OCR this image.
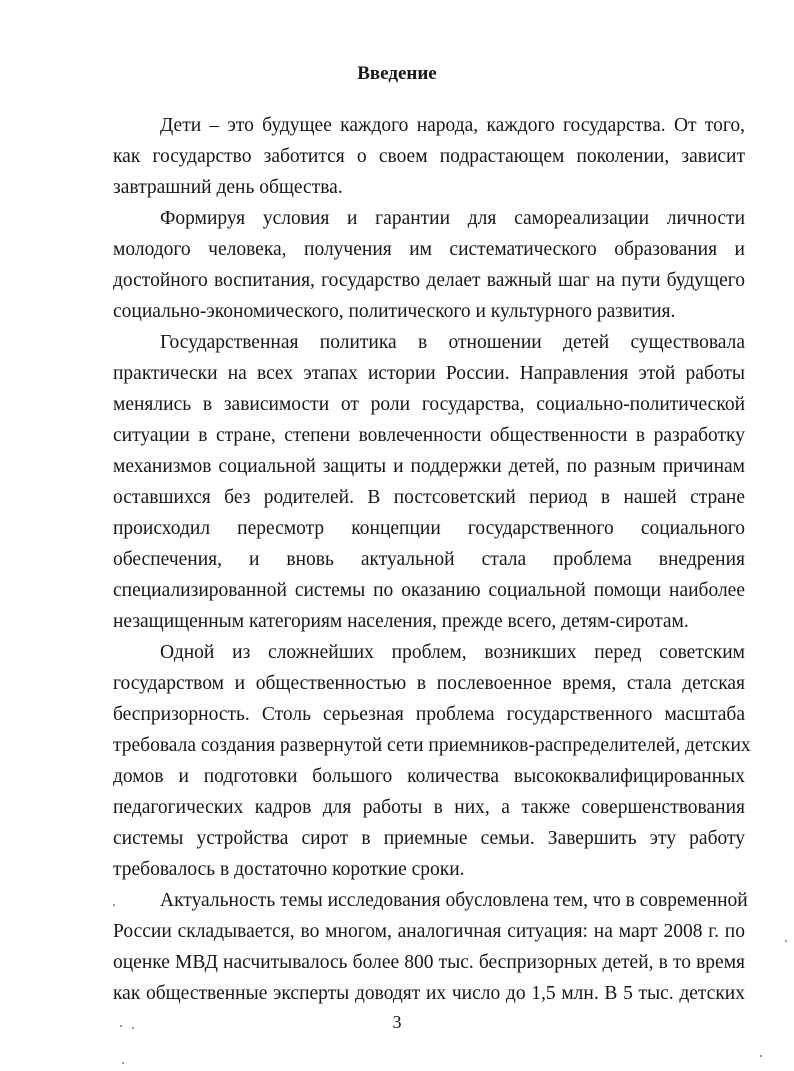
Введение
Дети – это будущее каждого народа, каждого государства. От того,
как государство заботится о своем подрастающем поколении, зависит
завтрашний день общества.
Формируя условия и гарантии для самореализации личности
молодого человека, получения им систематического образования и
достойного воспитания, государство делает важный шаг на пути будущего
социально-экономического, политического и культурного развития.
Государственная политика в отношении детей существовала
практически на всех этапах истории России. Направления этой работы
менялись в зависимости от роли государства, социально-политической
ситуации в стране, степени вовлеченности общественности в разработку
механизмов социальной защиты и поддержки детей, по разным причинам
оставшихся без родителей. В постсоветский период в нашей стране
происходил пересмотр концепции государственного социального
обеспечения, и вновь актуальной стала проблема внедрения
специализированной системы по оказанию социальной помощи наиболее
незащищенным категориям населения, прежде всего, детям-сиротам.
Одной из сложнейших проблем, возникших перед советским
государством и общественностью в послевоенное время, стала детская
беспризорность. Столь серьезная проблема государственного масштаба
требовала создания развернутой сети приемников-распределителей, детских
домов и подготовки большого количества высококвалифицированных
педагогических кадров для работы в них, а также совершенствования
системы устройства сирот в приемные семьи. Завершить эту работу
требовалось в достаточно короткие сроки.
Актуальность темы исследования обусловлена тем, что в современной
России складывается, во многом, аналогичная ситуация: на март 2008 г. по
оценке МВД насчитывалось более 800 тыс. беспризорных детей, в то время
как общественные эксперты доводят их число до 1,5 млн. В 5 тыс. детских
3
